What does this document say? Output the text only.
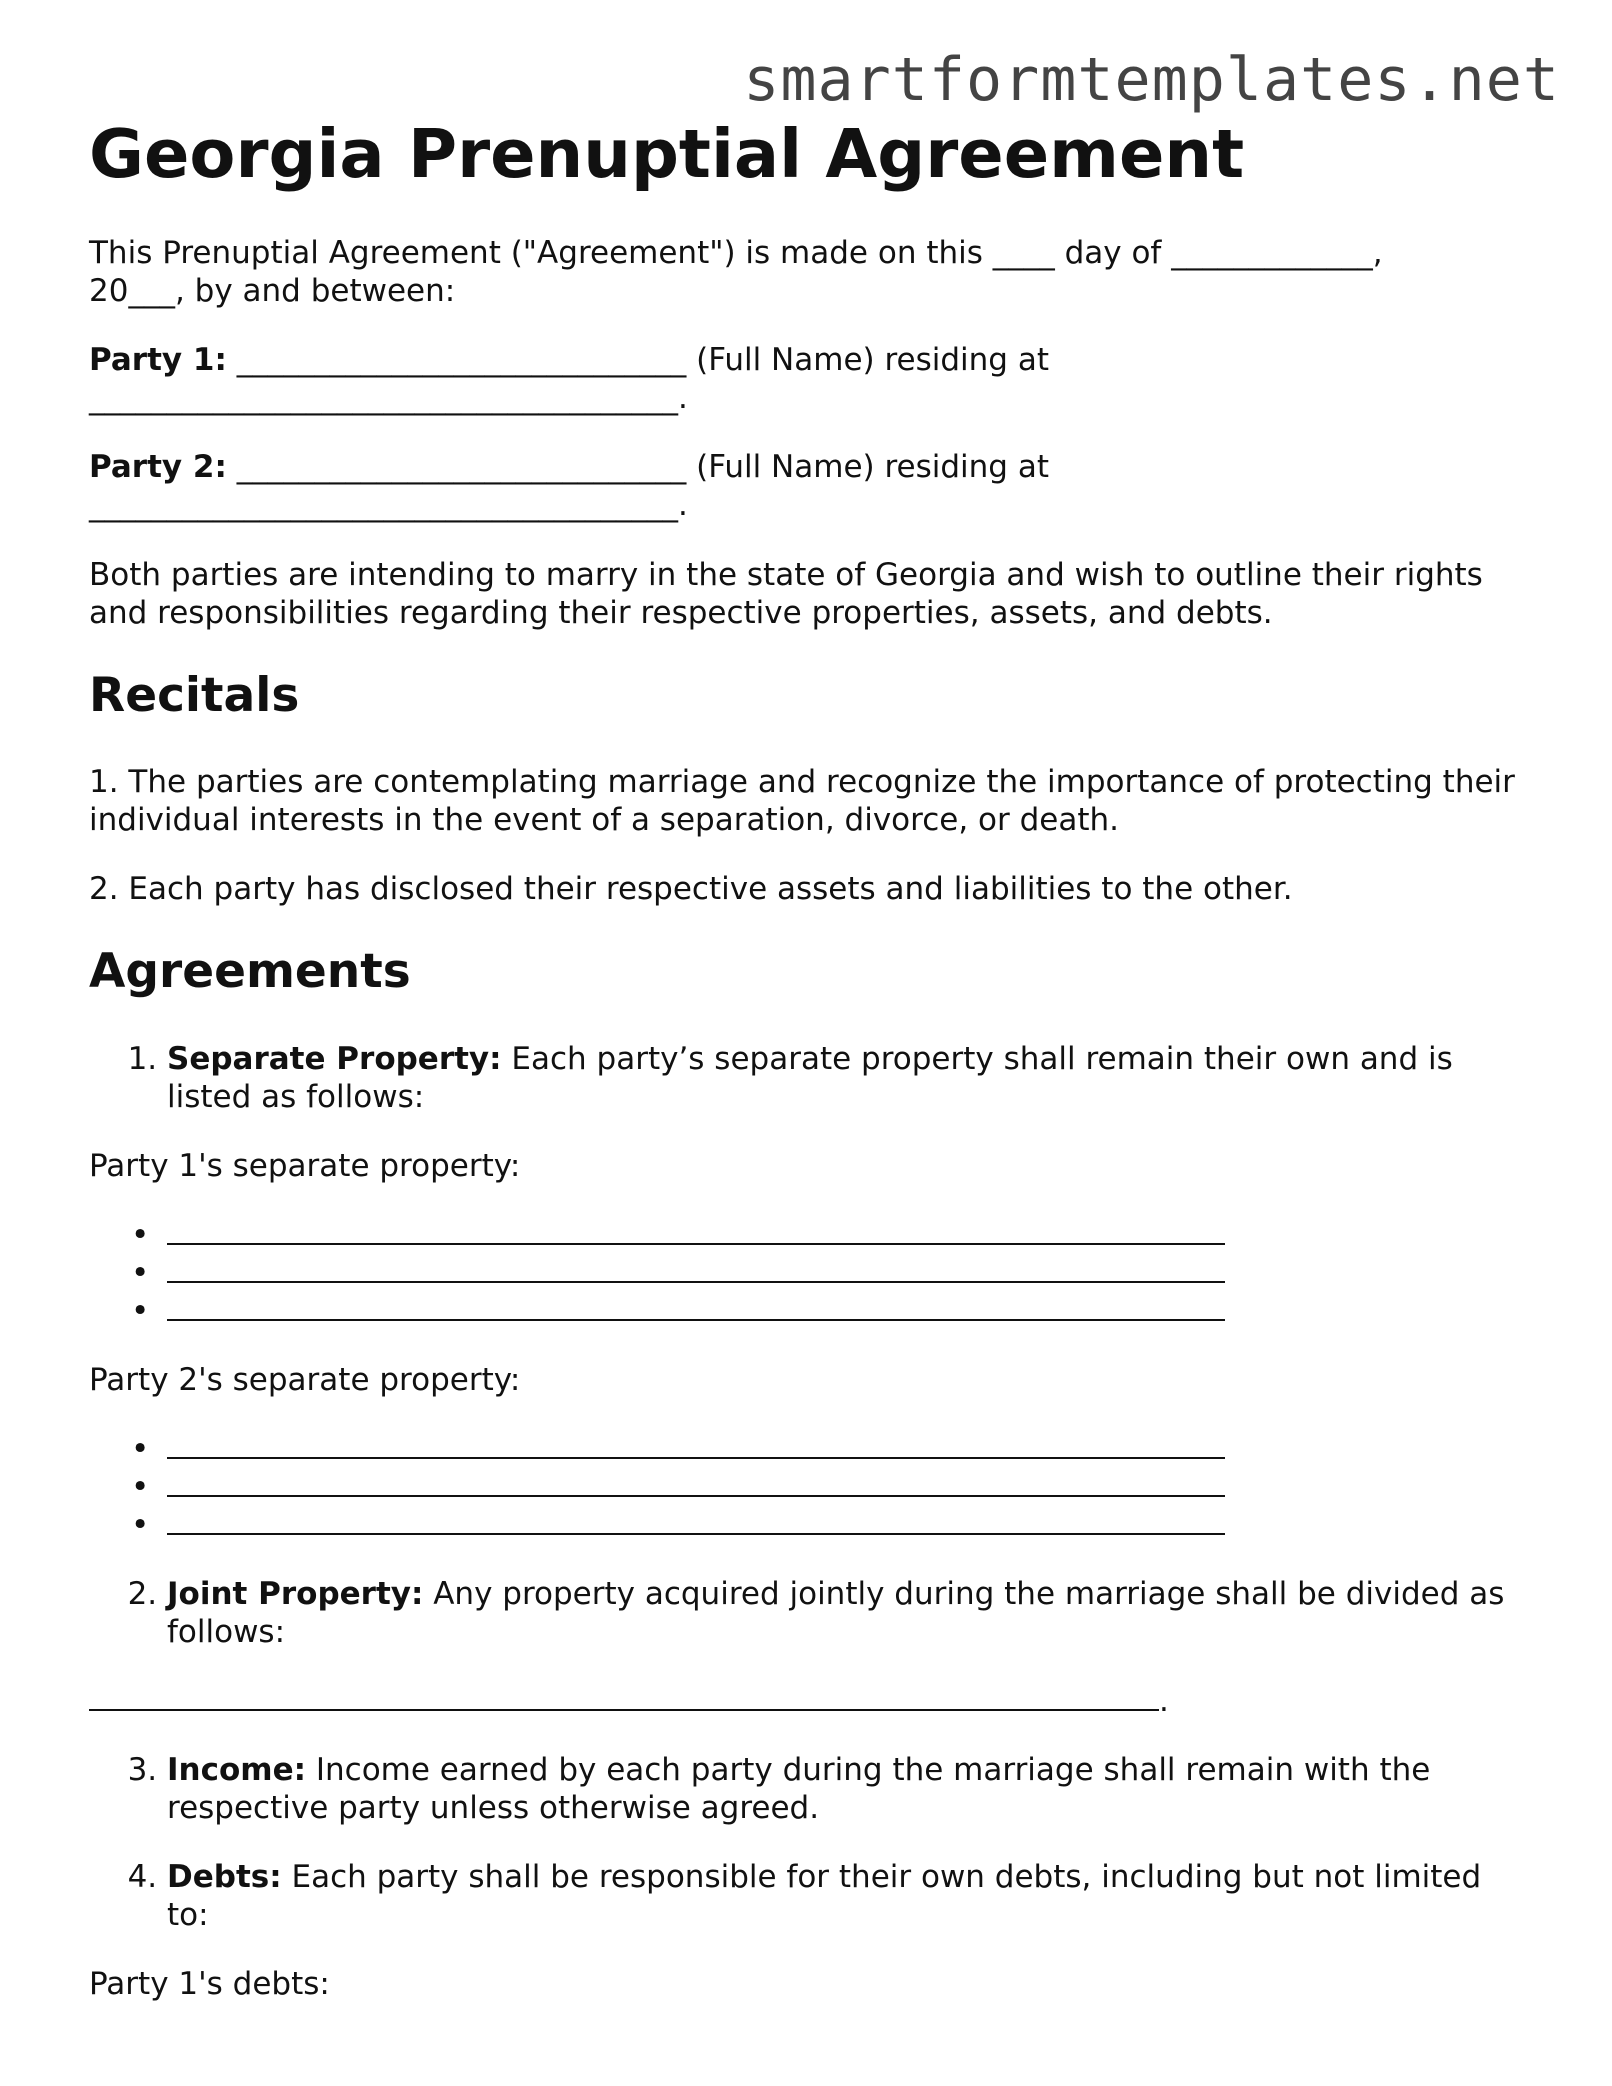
smartformtemplates.net
Georgia Prenuptial Agreement

This Prenuptial Agreement ("Agreement") is made on this ____ day of _____________,
20___, by and between:

Party 1: _____________________________ (Full Name) residing at
______________________________________.

Party 2: _____________________________ (Full Name) residing at
______________________________________.

Both parties are intending to marry in the state of Georgia and wish to outline their rights and responsibilities regarding their respective properties, assets, and debts.

Recitals

1. The parties are contemplating marriage and recognize the importance of protecting their individual interests in the event of a separation, divorce, or death.

2. Each party has disclosed their respective assets and liabilities to the other.

Agreements
1. Separate Property: Each party’s separate property shall remain their own and is listed as follows:

Party 1's separate property:

•
•
•

Party 2's separate property:

•
•
•
2. Joint Property: Any property acquired jointly during the marriage shall be divided as follows:

.

3. Income: Income earned by each party during the marriage shall remain with the respective party unless otherwise agreed.
4. Debts: Each party shall be responsible for their own debts, including but not limited to:

Party 1's debts:
